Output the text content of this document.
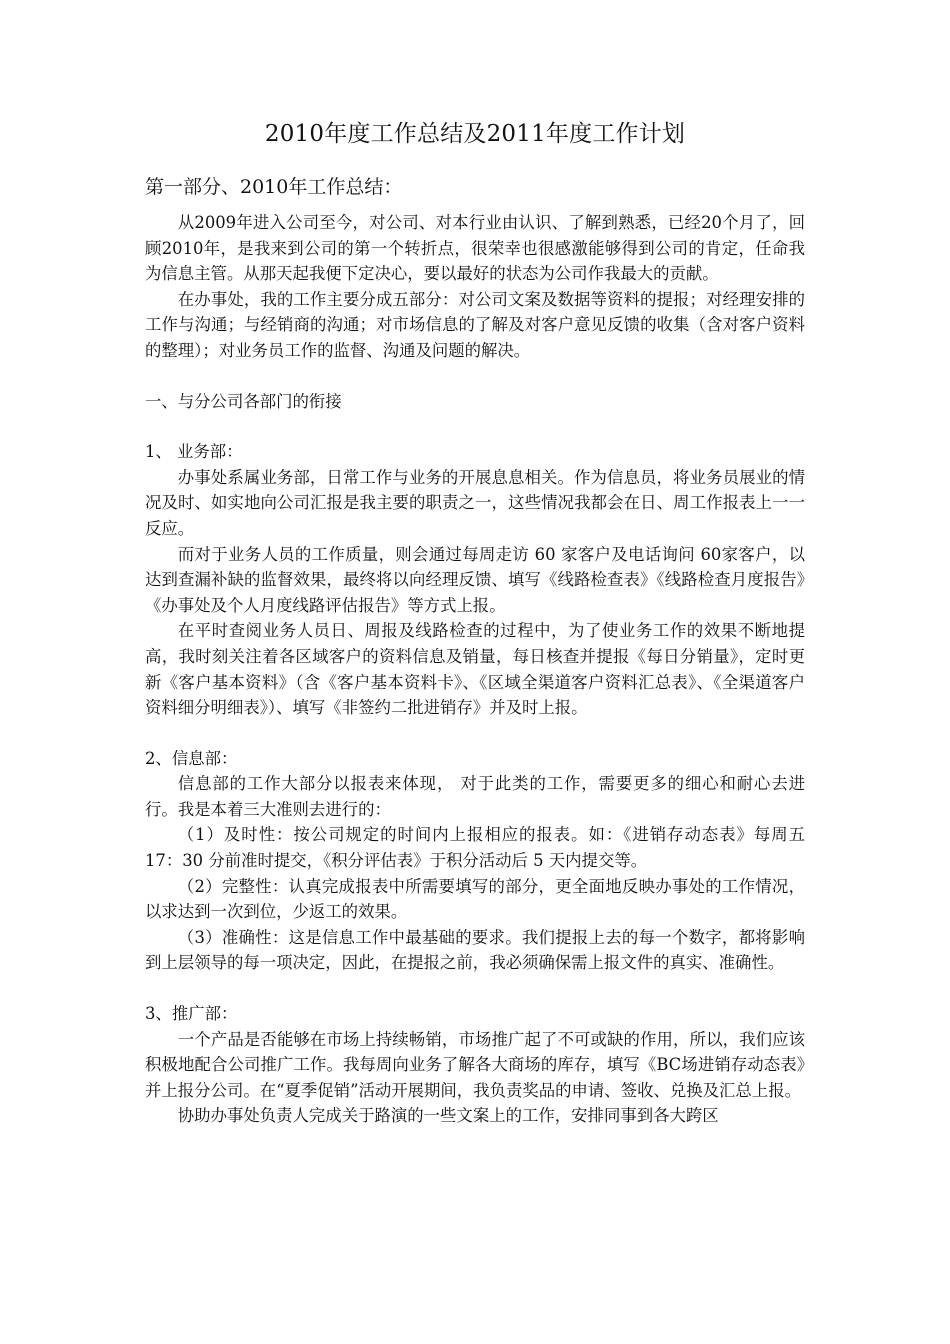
2010年度工作总结及2011年度工作计划
第一部分、2010年工作总结：

从2009年进入公司至今，对公司、对本行业由认识、了解到熟悉，已经20个月了，回顾2010年，是我来到公司的第一个转折点，很荣幸也很感激能够得到公司的肯定，任命我为信息主管。从那天起我便下定决心，要以最好的状态为公司作我最大的贡献。

在办事处，我的工作主要分成五部分：对公司文案及数据等资料的提报；对经理安排的工作与沟通；与经销商的沟通；对市场信息的了解及对客户意见反馈的收集（含对客户资料的整理）；对业务员工作的监督、沟通及问题的解决。

一、与分公司各部门的衔接

1、 业务部：

办事处系属业务部，日常工作与业务的开展息息相关。作为信息员，将业务员展业的情况及时、如实地向公司汇报是我主要的职责之一，这些情况我都会在日、周工作报表上一一反应。

而对于业务人员的工作质量，则会通过每周走访 60 家客户及电话询问 60家客户，以达到查漏补缺的监督效果，最终将以向经理反馈、填写《线路检查表》《线路检查月度报告》《办事处及个人月度线路评估报告》等方式上报。

在平时查阅业务人员日、周报及线路检查的过程中，为了使业务工作的效果不断地提高，我时刻关注着各区域客户的资料信息及销量，每日核查并提报《每日分销量》，定时更新《客户基本资料》（含《客户基本资料卡》、《区域全渠道客户资料汇总表》、《全渠道客户资料细分明细表》）、填写《非签约二批进销存》并及时上报。

2、信息部：

信息部的工作大部分以报表来体现， 对于此类的工作，需要更多的细心和耐心去进行。我是本着三大准则去进行的：

（1）及时性：按公司规定的时间内上报相应的报表。如：《进销存动态表》每周五 17：30 分前准时提交，《积分评估表》于积分活动后 5 天内提交等。

（2）完整性：认真完成报表中所需要填写的部分，更全面地反映办事处的工作情况，以求达到一次到位，少返工的效果。

（3）准确性：这是信息工作中最基础的要求。我们提报上去的每一个数字，都将影响到上层领导的每一项决定，因此，在提报之前，我必须确保需上报文件的真实、准确性。

3、推广部：

一个产品是否能够在市场上持续畅销，市场推广起了不可或缺的作用，所以，我们应该积极地配合公司推广工作。我每周向业务了解各大商场的库存，填写《BC场进销存动态表》并上报分公司。在“夏季促销”活动开展期间，我负责奖品的申请、签收、兑换及汇总上报。

协助办事处负责人完成关于路演的一些文案上的工作，安排同事到各大跨区
